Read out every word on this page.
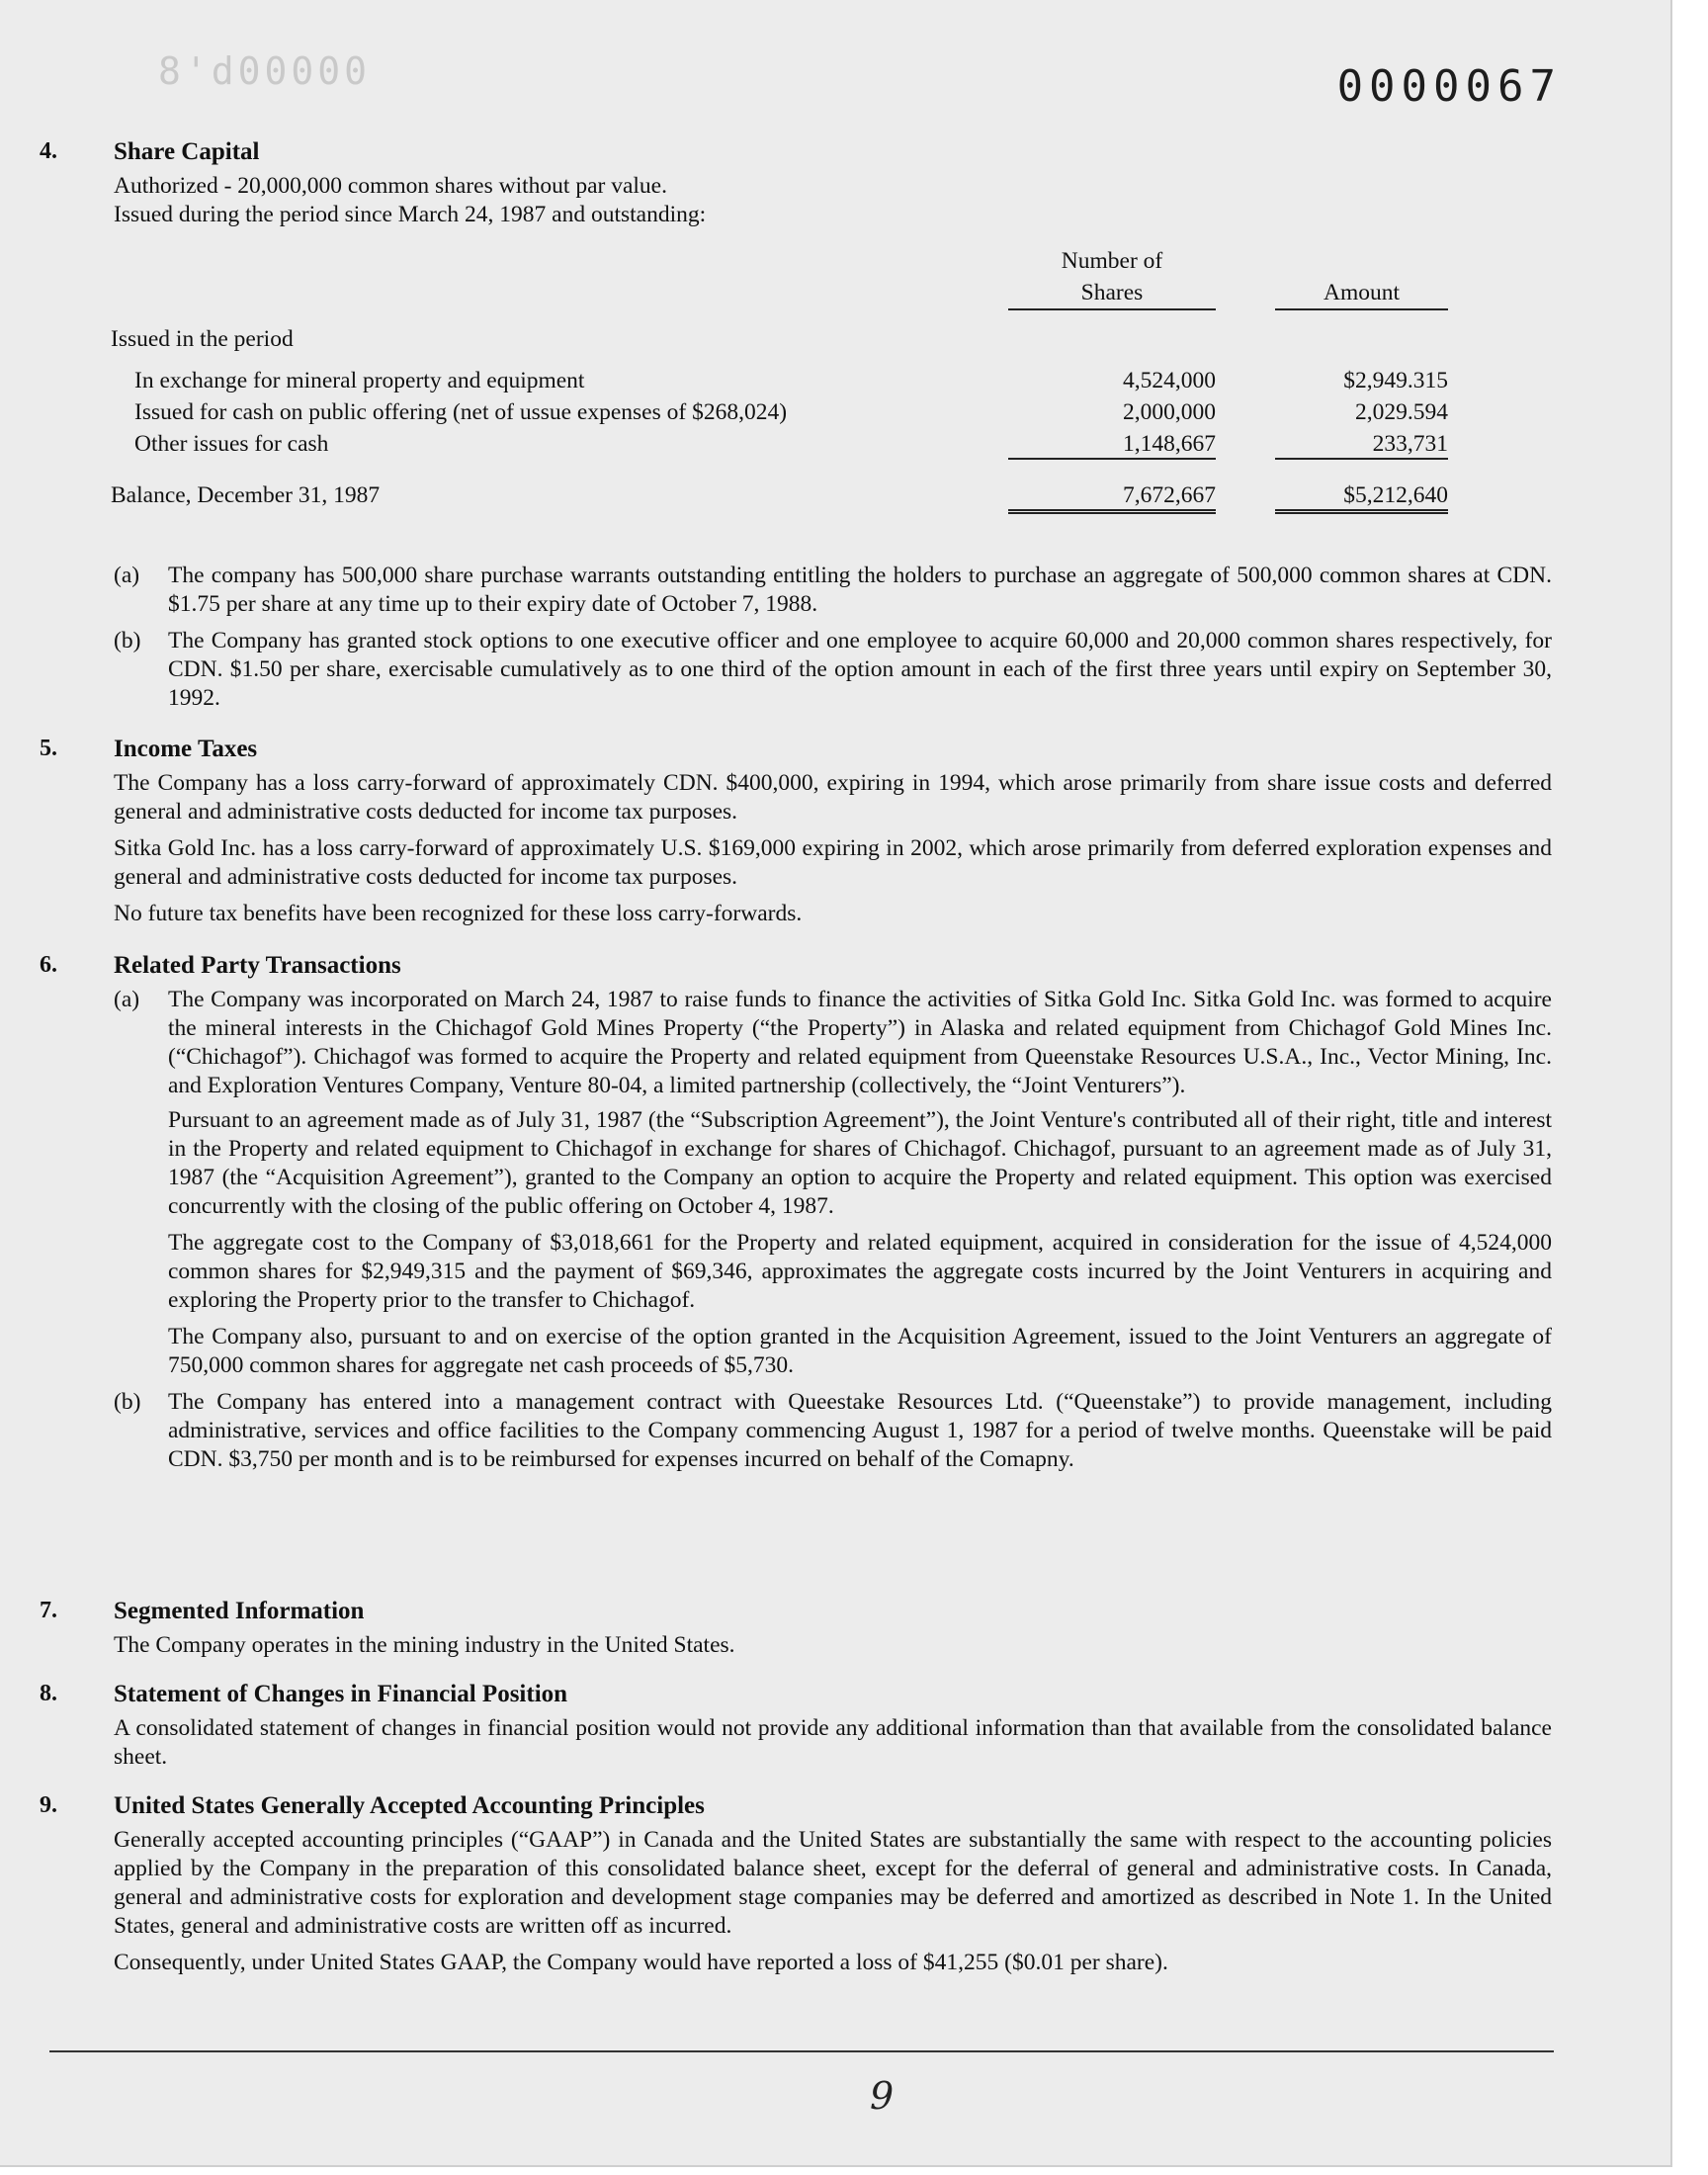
8'd00000	0000067
4.	Share Capital

Authorized - 20,000,000 common shares without par value.

Issued during the period since March 24, 1987 and outstanding:

Number of
Shares	Amount
Issued in the period
In exchange for mineral property and equipment	4,524,000	$2,949.315
Issued for cash on public offering (net of ussue expenses of $268,024)	2,000,000	2,029.594
Other issues for cash	1,148,667	233,731
Balance, December 31, 1987	7,672,667	$5,212,640
(a) The company has 500,000 share purchase warrants outstanding entitling the holders to purchase an aggregate of 500,000 common shares at CDN. $1.75 per share at any time up to their expiry date of October 7, 1988.
(b) The Company has granted stock options to one executive officer and one employee to acquire 60,000 and 20,000 common shares respectively, for CDN. $1.50 per share, exercisable cumulatively as to one third of the option amount in each of the first three years until expiry on September 30, 1992.
5.	Income Taxes

The Company has a loss carry-forward of approximately CDN. $400,000, expiring in 1994, which arose primarily from share issue costs and deferred general and administrative costs deducted for income tax purposes.

Sitka Gold Inc. has a loss carry-forward of approximately U.S. $169,000 expiring in 2002, which arose primarily from deferred exploration expenses and general and administrative costs deducted for income tax purposes.

No future tax benefits have been recognized for these loss carry-forwards.

6.	Related Party Transactions
(a) The Company was incorporated on March 24, 1987 to raise funds to finance the activities of Sitka Gold Inc. Sitka Gold Inc. was formed to acquire the mineral interests in the Chichagof Gold Mines Property (“the Property”) in Alaska and related equipment from Chichagof Gold Mines Inc. (“Chichagof”). Chichagof was formed to acquire the Property and related equipment from Queenstake Resources U.S.A., Inc., Vector Mining, Inc. and Exploration Ventures Company, Venture 80-04, a limited partnership (collectively, the “Joint Venturers”).
Pursuant to an agreement made as of July 31, 1987 (the “Subscription Agreement”), the Joint Venture's contributed all of their right, title and interest in the Property and related equipment to Chichagof in exchange for shares of Chichagof. Chichagof, pursuant to an agreement made as of July 31, 1987 (the “Acquisition Agreement”), granted to the Company an option to acquire the Property and related equipment. This option was exercised concurrently with the closing of the public offering on October 4, 1987.
The aggregate cost to the Company of $3,018,661 for the Property and related equipment, acquired in consideration for the issue of 4,524,000 common shares for $2,949,315 and the payment of $69,346, approximates the aggregate costs incurred by the Joint Venturers in acquiring and exploring the Property prior to the transfer to Chichagof.
The Company also, pursuant to and on exercise of the option granted in the Acquisition Agreement, issued to the Joint Venturers an aggregate of 750,000 common shares for aggregate net cash proceeds of $5,730.
(b) The Company has entered into a management contract with Queestake Resources Ltd. (“Queenstake”) to provide management, including administrative, services and office facilities to the Company commencing August 1, 1987 for a period of twelve months. Queenstake will be paid CDN. $3,750 per month and is to be reimbursed for expenses incurred on behalf of the Comapny.
7.	Segmented Information

The Company operates in the mining industry in the United States.

8.	Statement of Changes in Financial Position

A consolidated statement of changes in financial position would not provide any additional information than that available from the consolidated balance sheet.

9.	United States Generally Accepted Accounting Principles

Generally accepted accounting principles (“GAAP”) in Canada and the United States are substantially the same with respect to the accounting policies applied by the Company in the preparation of this consolidated balance sheet, except for the deferral of general and administrative costs. In Canada, general and administrative costs for exploration and development stage companies may be deferred and amortized as described in Note 1. In the United States, general and administrative costs are written off as incurred.

Consequently, under United States GAAP, the Company would have reported a loss of $41,255 ($0.01 per share).

9
